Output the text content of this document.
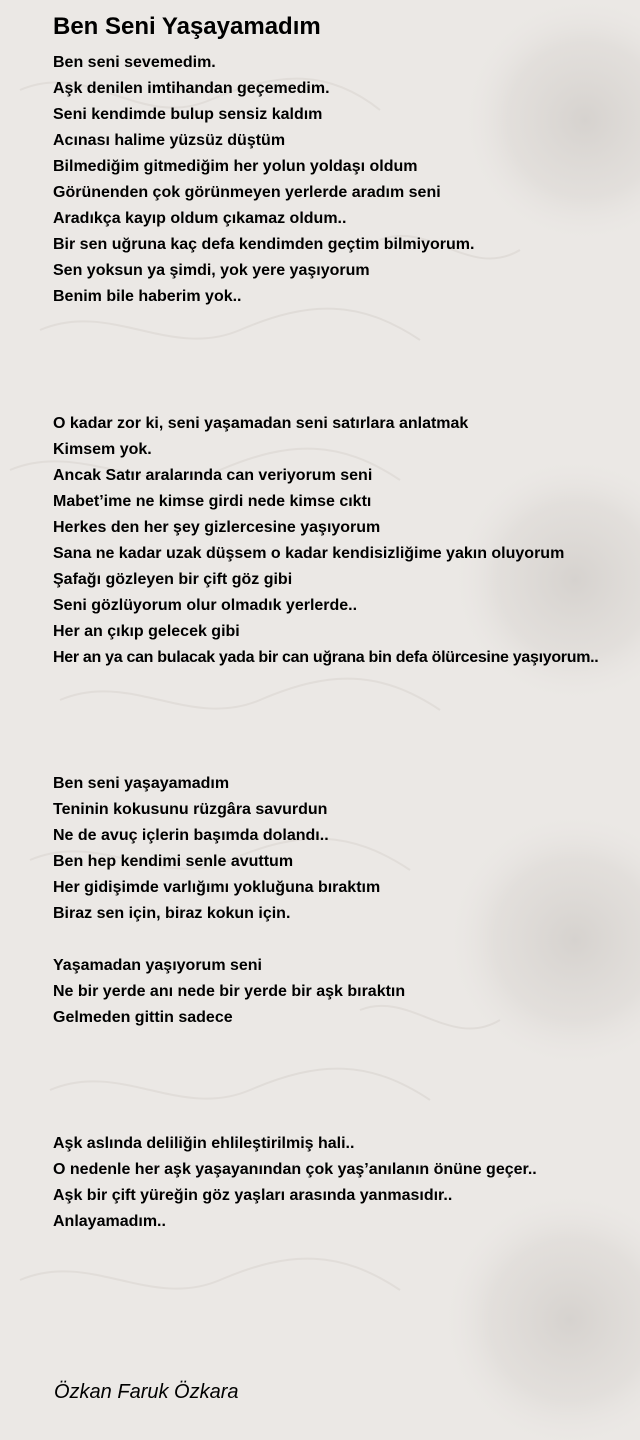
Ben Seni Yaşayamadım
Ben seni sevemedim.
Aşk denilen imtihandan geçemedim.
Seni kendimde bulup sensiz kaldım
Acınası halime yüzsüz düştüm
Bilmediğim gitmediğim her yolun yoldaşı oldum
Görünenden çok görünmeyen yerlerde aradım seni
Aradıkça kayıp oldum çıkamaz oldum..
Bir sen uğruna kaç defa kendimden geçtim bilmiyorum.
Sen yoksun ya şimdi, yok yere yaşıyorum
Benim bile haberim yok..
O kadar zor ki, seni yaşamadan seni satırlara anlatmak
Kimsem yok.
Ancak Satır aralarında can veriyorum seni
Mabet’ime ne kimse girdi nede kimse cıktı
Herkes den her şey gizlercesine yaşıyorum
Sana ne kadar uzak düşsem o kadar kendisizliğime yakın oluyorum
Şafağı gözleyen bir çift göz gibi
Seni gözlüyorum olur olmadık yerlerde..
Her an çıkıp gelecek gibi
Her an ya can bulacak yada bir can uğrana bin defa ölürcesine yaşıyorum..
Ben seni yaşayamadım
Teninin kokusunu rüzgâra savurdun
Ne de avuç içlerin başımda dolandı..
Ben hep kendimi senle avuttum
Her gidişimde varlığımı yokluğuna bıraktım
Biraz sen için, biraz kokun için.
Yaşamadan yaşıyorum seni
Ne bir yerde anı nede bir yerde bir aşk bıraktın
Gelmeden gittin sadece
Aşk aslında deliliğin ehlileştirilmiş hali..
O nedenle her aşk yaşayanından çok yaş’anılanın önüne geçer..
Aşk bir çift yüreğin göz yaşları arasında yanmasıdır..
Anlayamadım..

Özkan Faruk Özkara
